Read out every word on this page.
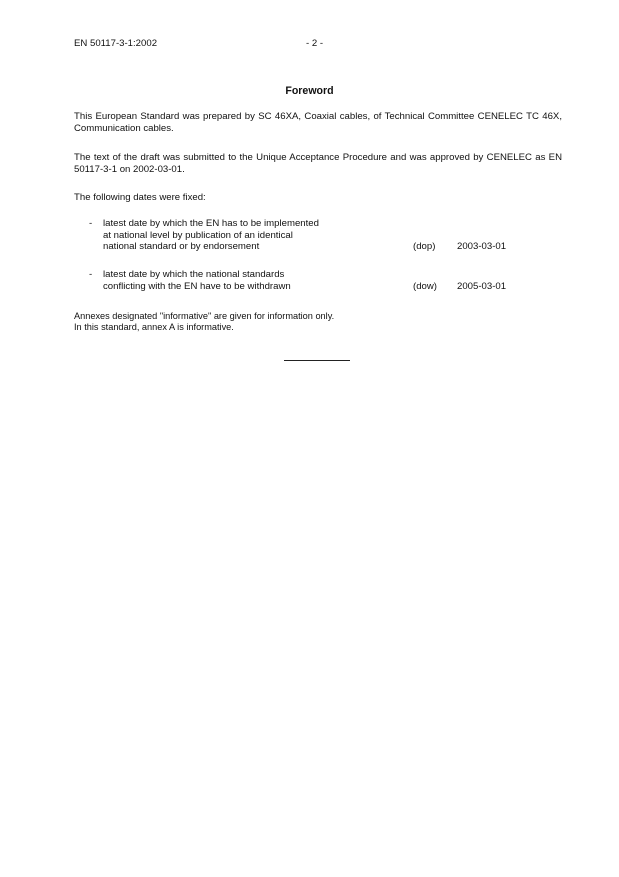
EN 50117-3-1:2002	- 2 -
Foreword
This European Standard was prepared by SC 46XA, Coaxial cables, of Technical Committee CENELEC TC 46X, Communication cables.
The text of the draft was submitted to the Unique Acceptance Procedure and was approved by CENELEC as EN 50117-3-1 on 2002-03-01.
The following dates were fixed:
- latest date by which the EN has to be implemented
at national level by publication of an identical
national standard or by endorsement	(dop) 2003-03-01
- latest date by which the national standards
conflicting with the EN have to be withdrawn	(dow) 2005-03-01
Annexes designated "informative" are given for information only.
In this standard, annex A is informative.
